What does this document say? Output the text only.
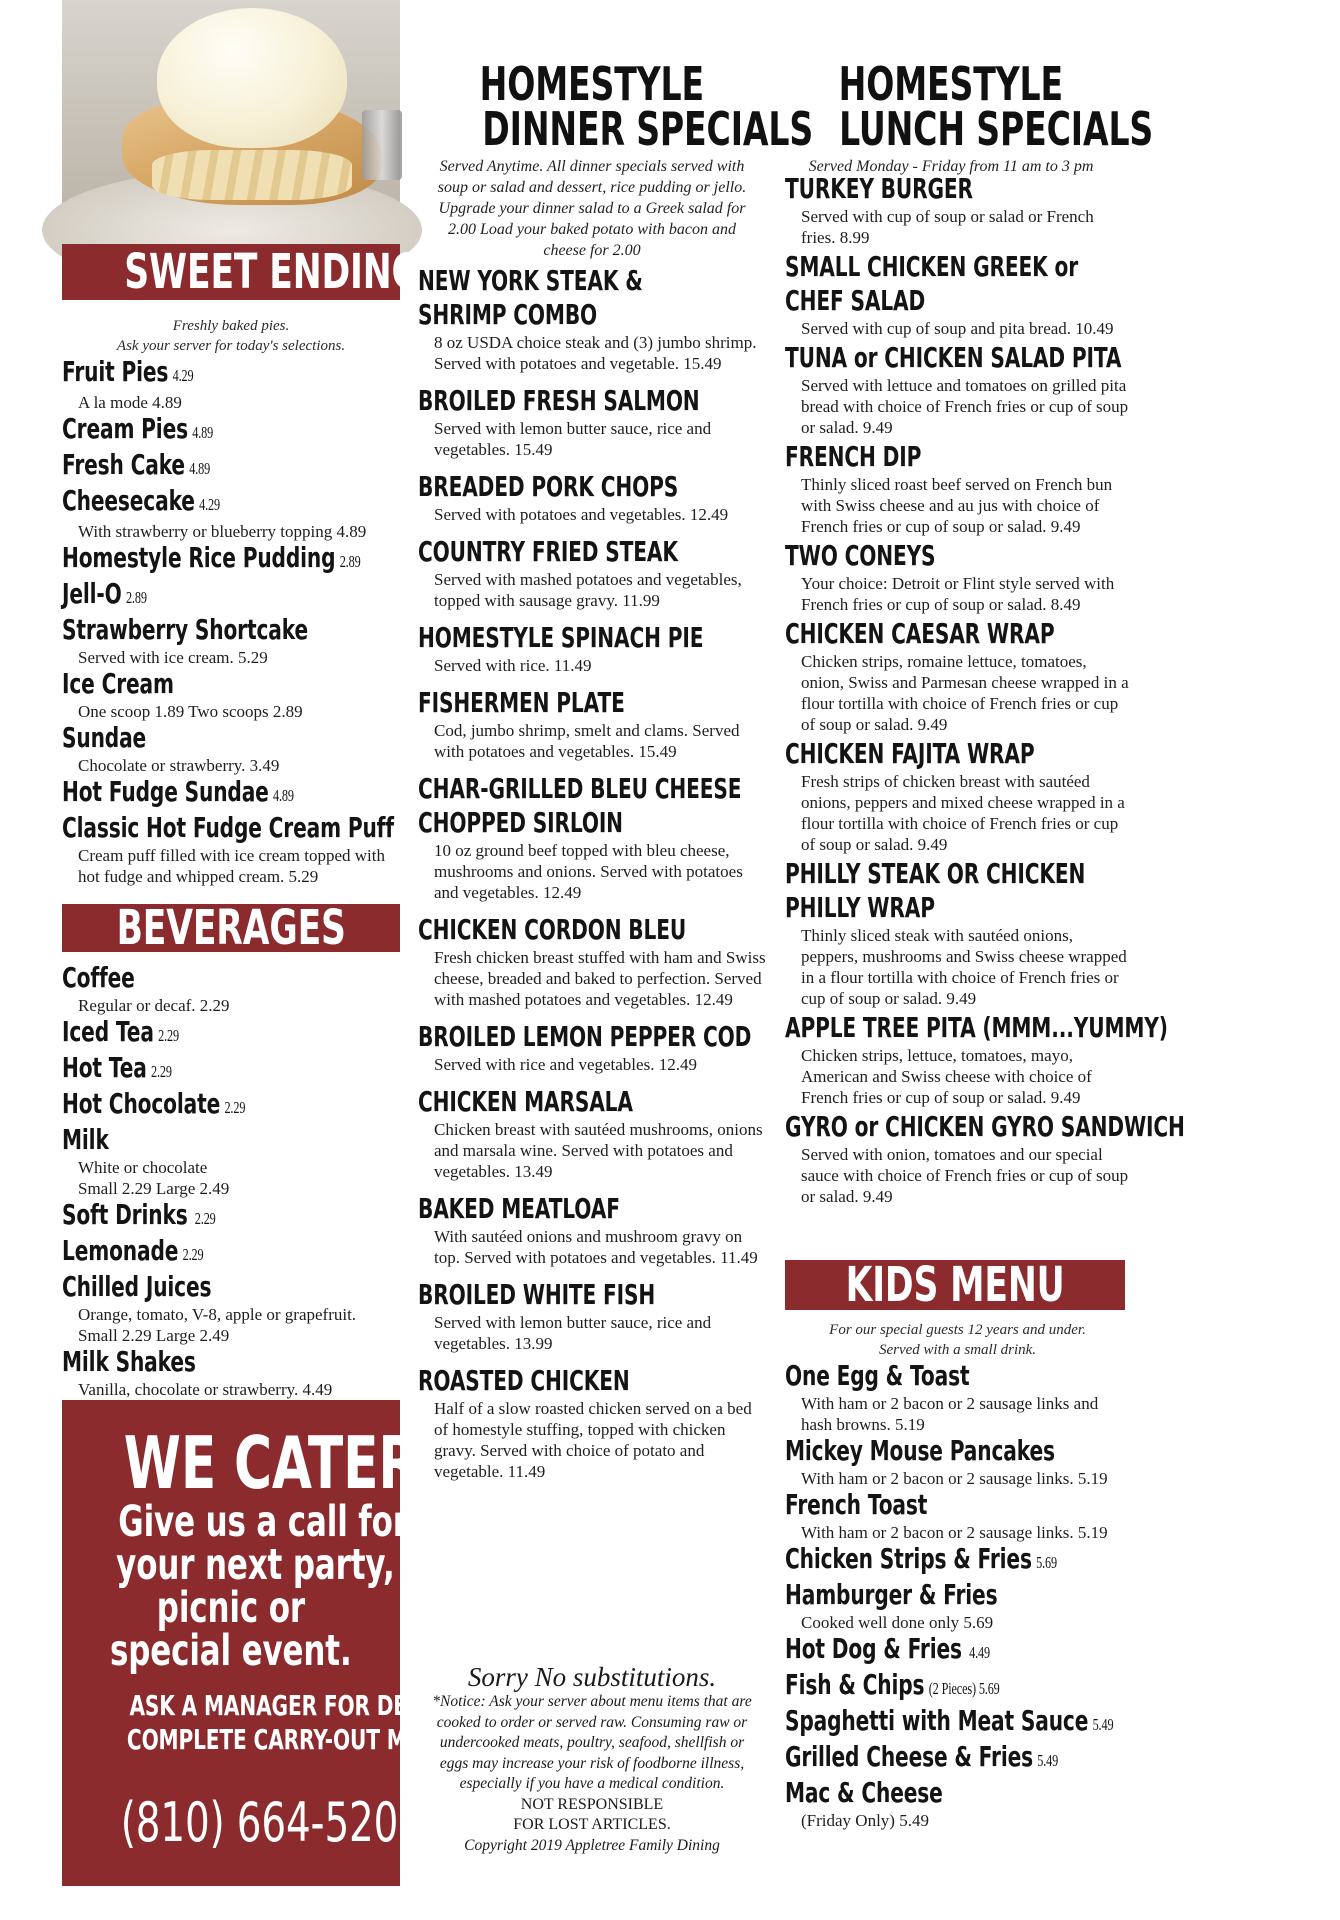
SWEET ENDINGS
Freshly baked pies.
Ask your server for today's selections.
Fruit Pies 4.29
A la mode 4.89
Cream Pies 4.89
Fresh Cake 4.89
Cheesecake 4.29
With strawberry or blueberry topping 4.89
Homestyle Rice Pudding 2.89
Jell-O 2.89
Strawberry Shortcake
Served with ice cream. 5.29
Ice Cream
One scoop 1.89 Two scoops 2.89
Sundae
Chocolate or strawberry. 3.49
Hot Fudge Sundae 4.89
Classic Hot Fudge Cream Puff
Cream puff filled with ice cream topped with hot fudge and whipped cream. 5.29
BEVERAGES
Coffee
Regular or decaf. 2.29
Iced Tea 2.29
Hot Tea 2.29
Hot Chocolate 2.29
Milk
White or chocolate
Small 2.29 Large 2.49
Soft Drinks 2.29
Lemonade 2.29
Chilled Juices
Orange, tomato, V-8, apple or grapefruit.
Small 2.29 Large 2.49
Milk Shakes
Vanilla, chocolate or strawberry. 4.49
WE CATER!
Give us a call for
your next party,
picnic or
special event.
ASK A MANAGER FOR DETAILS.
COMPLETE CARRY-OUT MENU.
(810) 664-5200
HOMESTYLE
DINNER SPECIALS
Served Anytime. All dinner specials served with soup or salad and dessert, rice pudding or jello. Upgrade your dinner salad to a Greek salad for 2.00 Load your baked potato with bacon and cheese for 2.00
NEW YORK STEAK &
SHRIMP COMBO
8 oz USDA choice steak and (3) jumbo shrimp. Served with potatoes and vegetable. 15.49
BROILED FRESH SALMON
Served with lemon butter sauce, rice and vegetables. 15.49
BREADED PORK CHOPS
Served with potatoes and vegetables. 12.49
COUNTRY FRIED STEAK
Served with mashed potatoes and vegetables, topped with sausage gravy. 11.99
HOMESTYLE SPINACH PIE
Served with rice. 11.49
FISHERMEN PLATE
Cod, jumbo shrimp, smelt and clams. Served with potatoes and vegetables. 15.49
CHAR-GRILLED BLEU CHEESE
CHOPPED SIRLOIN
10 oz ground beef topped with bleu cheese, mushrooms and onions. Served with potatoes and vegetables. 12.49
CHICKEN CORDON BLEU
Fresh chicken breast stuffed with ham and Swiss cheese, breaded and baked to perfection. Served with mashed potatoes and vegetables. 12.49
BROILED LEMON PEPPER COD
Served with rice and vegetables. 12.49
CHICKEN MARSALA
Chicken breast with sautéed mushrooms, onions and marsala wine. Served with potatoes and vegetables. 13.49
BAKED MEATLOAF
With sautéed onions and mushroom gravy on top. Served with potatoes and vegetables. 11.49
BROILED WHITE FISH
Served with lemon butter sauce, rice and vegetables. 13.99
ROASTED CHICKEN
Half of a slow roasted chicken served on a bed of homestyle stuffing, topped with chicken gravy. Served with choice of potato and vegetable. 11.49
Sorry No substitutions.
*Notice: Ask your server about menu items that are cooked to order or served raw. Consuming raw or undercooked meats, poultry, seafood, shellfish or eggs may increase your risk of foodborne illness, especially if you have a medical condition.
NOT RESPONSIBLE
FOR LOST ARTICLES.
Copyright 2019 Appletree Family Dining
HOMESTYLE
LUNCH SPECIALS
Served Monday - Friday from 11 am to 3 pm
TURKEY BURGER
Served with cup of soup or salad or French fries. 8.99
SMALL CHICKEN GREEK or
CHEF SALAD
Served with cup of soup and pita bread. 10.49
TUNA or CHICKEN SALAD PITA
Served with lettuce and tomatoes on grilled pita bread with choice of French fries or cup of soup or salad. 9.49
FRENCH DIP
Thinly sliced roast beef served on French bun with Swiss cheese and au jus with choice of French fries or cup of soup or salad. 9.49
TWO CONEYS
Your choice: Detroit or Flint style served with French fries or cup of soup or salad. 8.49
CHICKEN CAESAR WRAP
Chicken strips, romaine lettuce, tomatoes, onion, Swiss and Parmesan cheese wrapped in a flour tortilla with choice of French fries or cup of soup or salad. 9.49
CHICKEN FAJITA WRAP
Fresh strips of chicken breast with sautéed onions, peppers and mixed cheese wrapped in a flour tortilla with choice of French fries or cup of soup or salad. 9.49
PHILLY STEAK OR CHICKEN
PHILLY WRAP
Thinly sliced steak with sautéed onions, peppers, mushrooms and Swiss cheese wrapped in a flour tortilla with choice of French fries or cup of soup or salad. 9.49
APPLE TREE PITA (MMM...YUMMY)
Chicken strips, lettuce, tomatoes, mayo, American and Swiss cheese with choice of French fries or cup of soup or salad. 9.49
GYRO or CHICKEN GYRO SANDWICH
Served with onion, tomatoes and our special sauce with choice of French fries or cup of soup or salad. 9.49
KIDS MENU
For our special guests 12 years and under.
Served with a small drink.
One Egg & Toast
With ham or 2 bacon or 2 sausage links and hash browns. 5.19
Mickey Mouse Pancakes
With ham or 2 bacon or 2 sausage links. 5.19
French Toast
With ham or 2 bacon or 2 sausage links. 5.19
Chicken Strips & Fries 5.69
Hamburger & Fries
Cooked well done only 5.69
Hot Dog & Fries 4.49
Fish & Chips (2 Pieces) 5.69
Spaghetti with Meat Sauce 5.49
Grilled Cheese & Fries 5.49
Mac & Cheese
(Friday Only) 5.49
